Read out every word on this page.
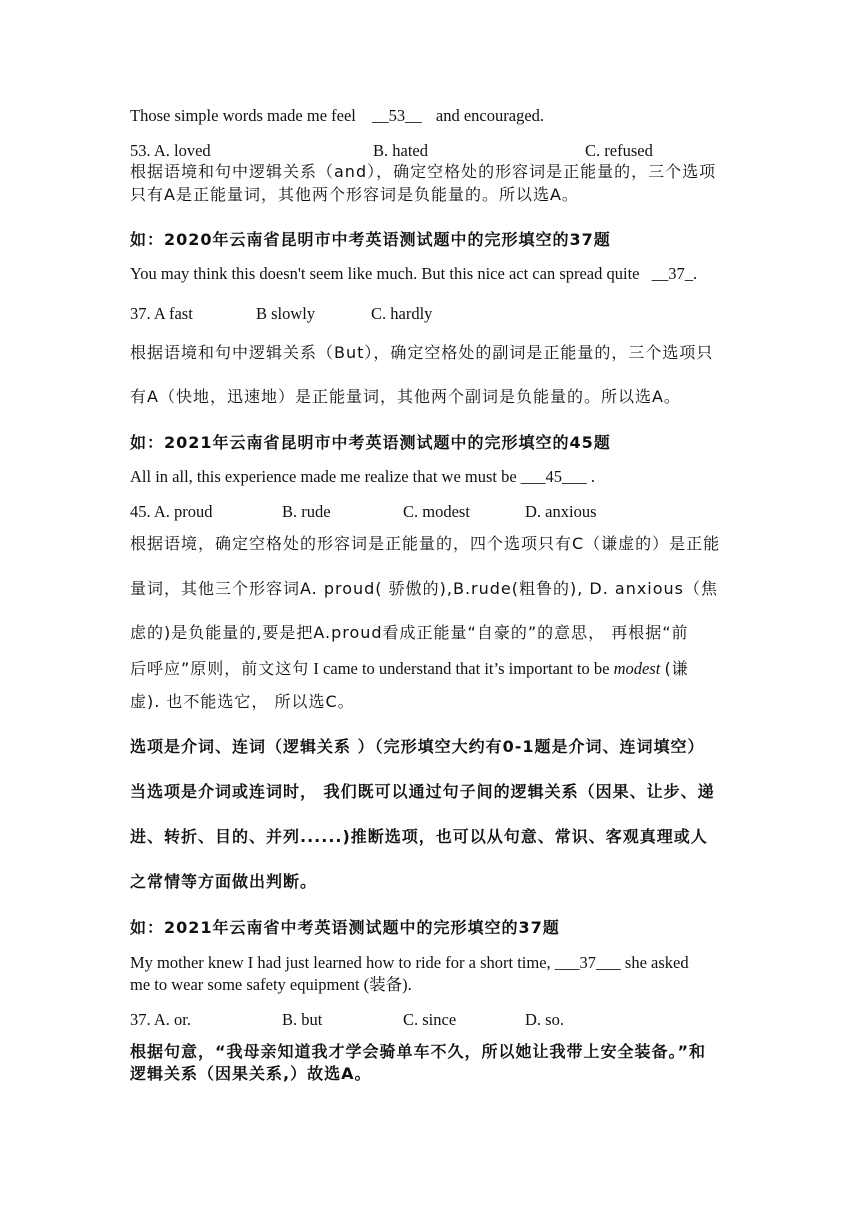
Those simple words made me feel __53__ and encouraged.
53. A. loved	B. hated	C. refused
根据语境和句中逻辑关系（and），确定空格处的形容词是正能量的，三个选项
只有A是正能量词，其他两个形容词是负能量的。所以选A。
如：2020年云南省昆明市中考英语测试题中的完形填空的37题
You may think this doesn't seem like much. But this nice act can spread quite __37_.
37. A fast	B slowly	C. hardly
根据语境和句中逻辑关系（But），确定空格处的副词是正能量的，三个选项只
有A（快地，迅速地）是正能量词，其他两个副词是负能量的。所以选A。
如：2021年云南省昆明市中考英语测试题中的完形填空的45题
All in all, this experience made me realize that we must be ___45___ .
45. A. proud	B. rude	C. modest	D. anxious
根据语境，确定空格处的形容词是正能量的，四个选项只有C（谦虚的）是正能
量词，其他三个形容词A. proud( 骄傲的),B.rude(粗鲁的), D. anxious（焦
虑的)是负能量的,要是把A.proud看成正能量“自豪的”的意思， 再根据“前
后呼应”原则，前文这句 I came to understand that it’s important to be modest (谦
虚). 也不能选它， 所以选C。
选项是介词、连词（逻辑关系 ）（完形填空大约有0-1题是介词、连词填空）
当选项是介词或连词时， 我们既可以通过句子间的逻辑关系（因果、让步、递
进、转折、目的、并列......)推断选项，也可以从句意、常识、客观真理或人
之常情等方面做出判断。
如：2021年云南省中考英语测试题中的完形填空的37题
My mother knew I had just learned how to ride for a short time, ___37___ she asked
me to wear some safety equipment (装备).
37. A. or.	B. but	C. since	D. so.
根据句意，“我母亲知道我才学会骑单车不久，所以她让我带上安全装备。”和
逻辑关系（因果关系,）故选A。
